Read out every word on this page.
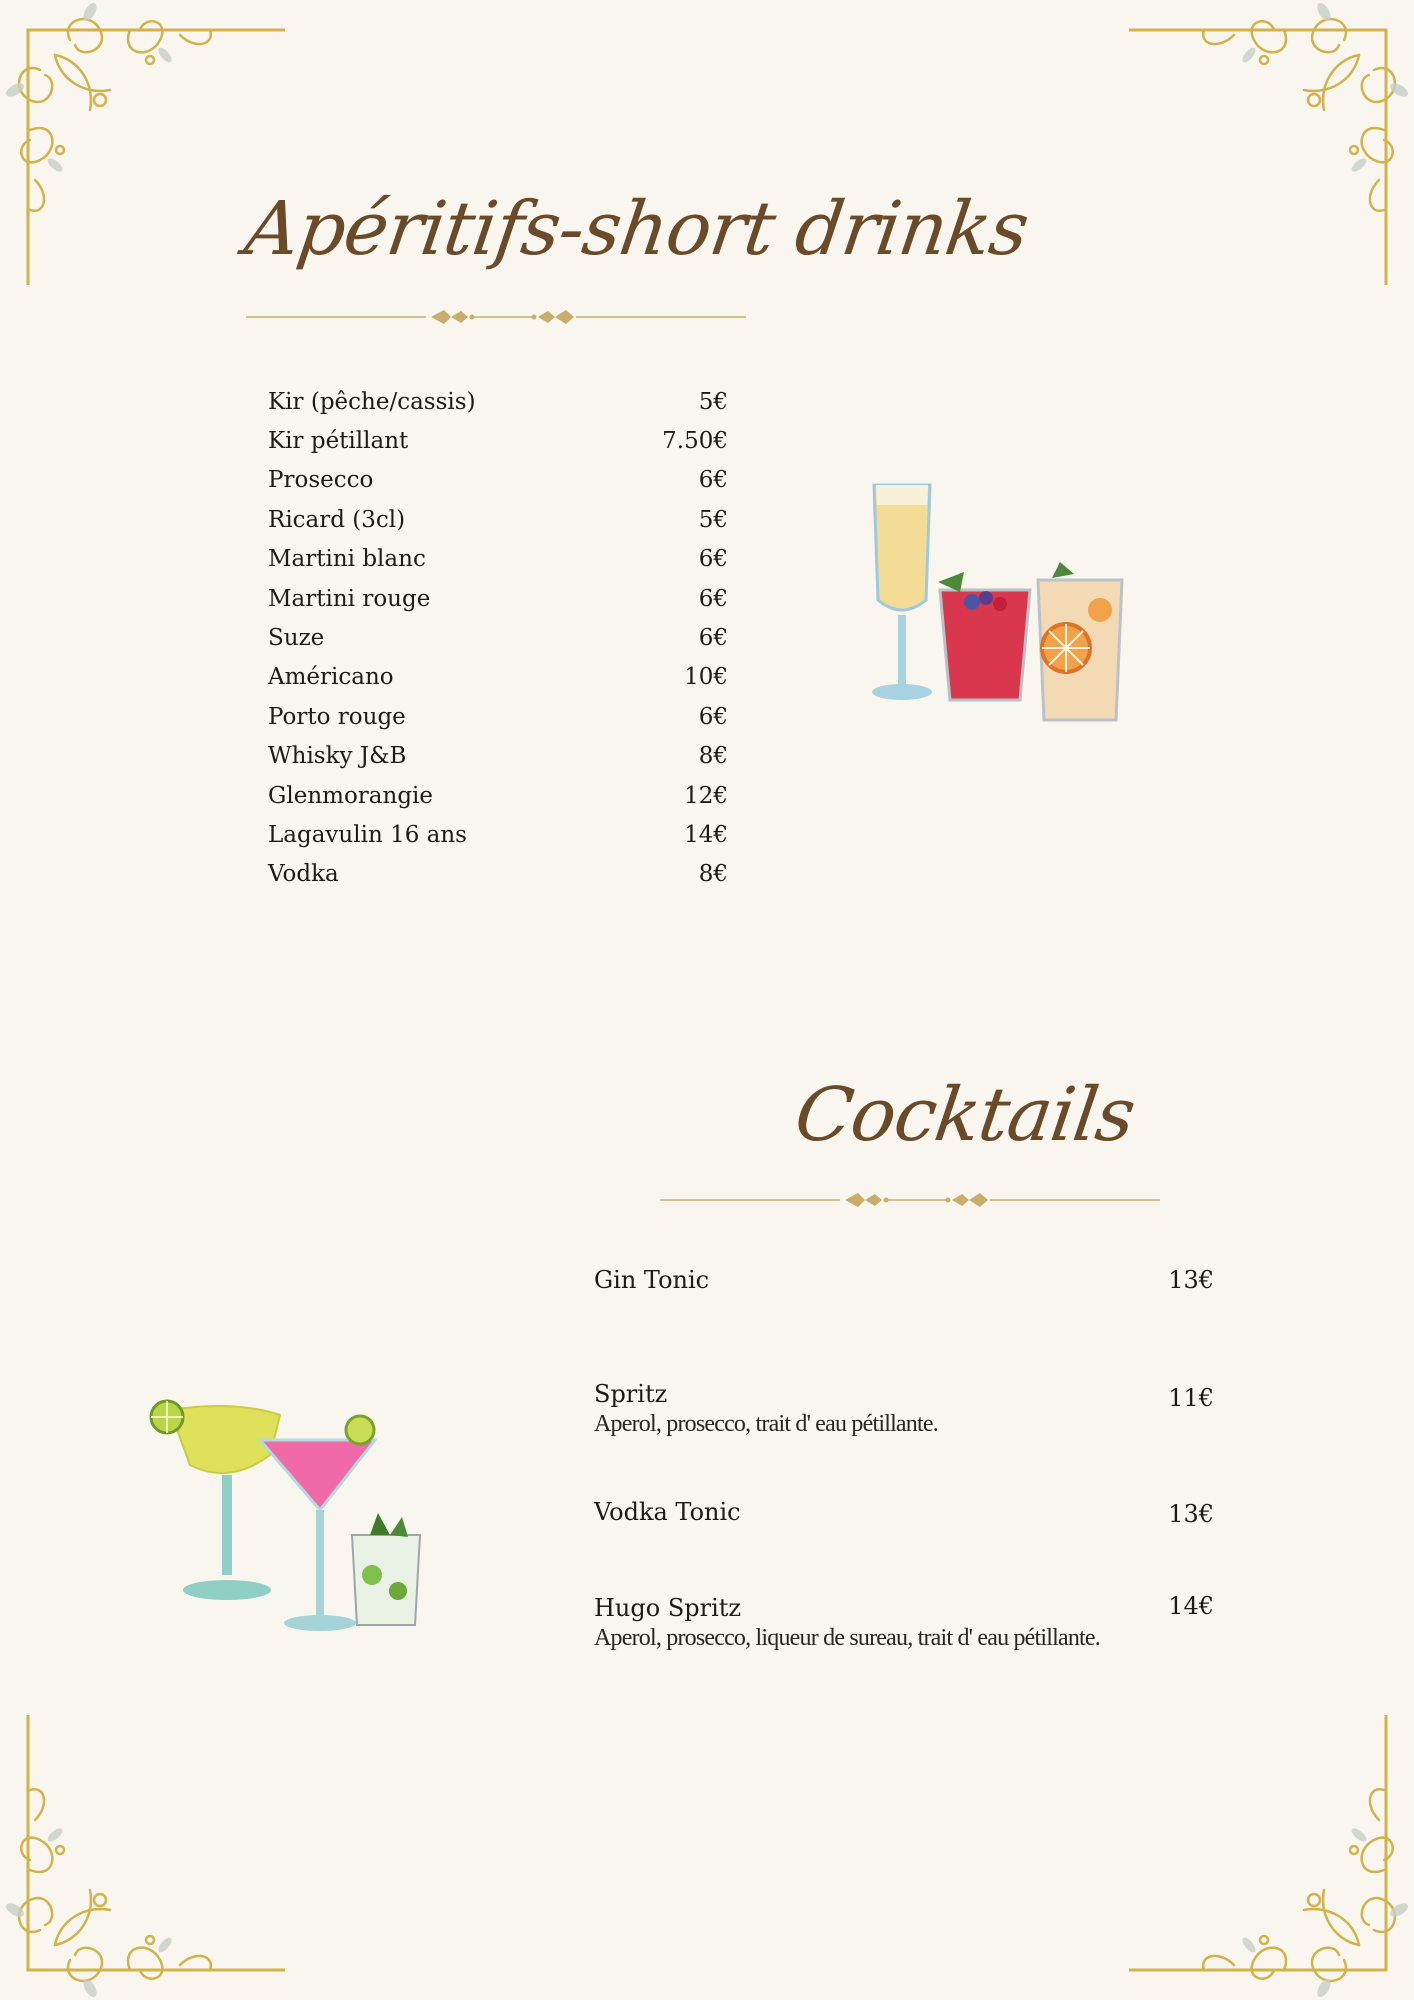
Apéritifs-short drinks
Kir (pêche/cassis)	5€
Kir pétillant	7.50€
Prosecco	6€
Ricard (3cl)	5€
Martini blanc	6€
Martini rouge	6€
Suze	6€
Américano	10€
Porto rouge	6€
Whisky J&B	8€
Glenmorangie	12€
Lagavulin 16 ans	14€
Vodka	8€
Cocktails
Gin Tonic	13€
Spritz
Aperol, prosecco, trait d' eau pétillante.
11€
Vodka Tonic	13€
Hugo Spritz
Aperol, prosecco, liqueur de sureau, trait d' eau pétillante.
14€
